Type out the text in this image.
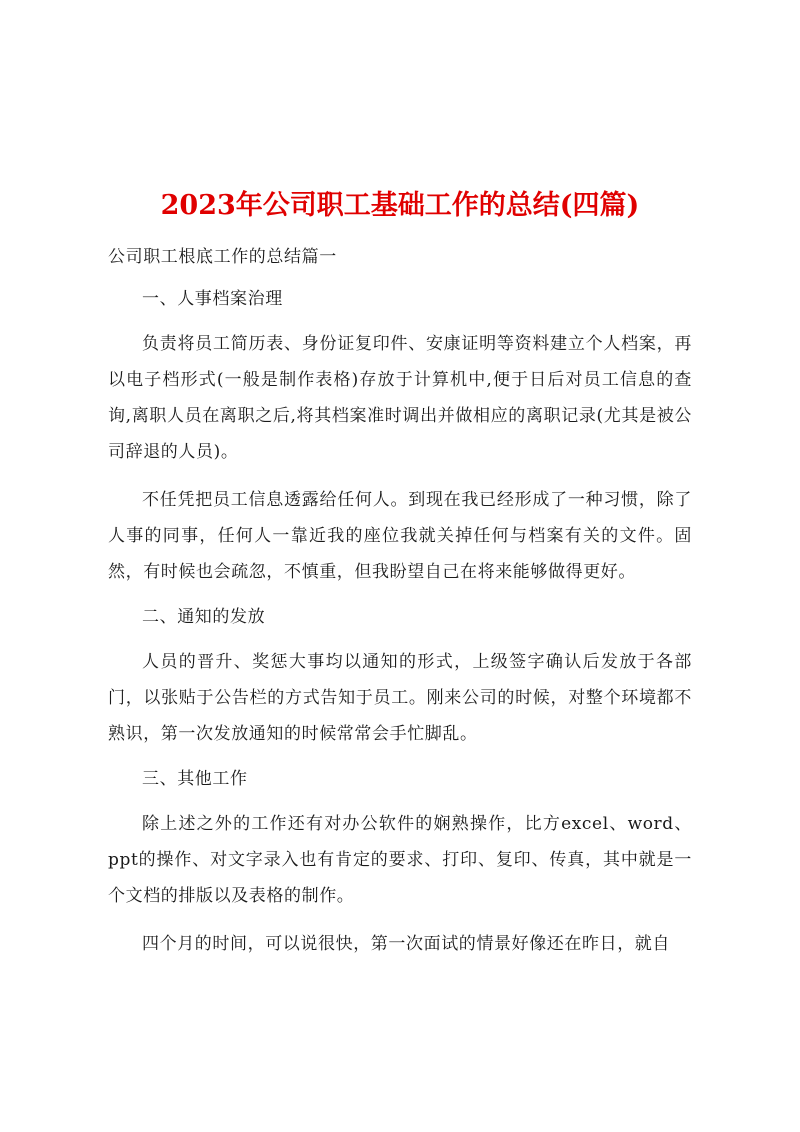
2023年公司职工基础工作的总结(四篇)

公司职工根底工作的总结篇一

一、人事档案治理

负责将员工简历表、身份证复印件、安康证明等资料建立个人档案，再以电子档形式(一般是制作表格)存放于计算机中,便于日后对员工信息的查询,离职人员在离职之后,将其档案准时调出并做相应的离职记录(尤其是被公司辞退的人员)。

不任凭把员工信息透露给任何人。到现在我已经形成了一种习惯，除了人事的同事，任何人一靠近我的座位我就关掉任何与档案有关的文件。固然，有时候也会疏忽，不慎重，但我盼望自己在将来能够做得更好。

二、通知的发放

人员的晋升、奖惩大事均以通知的形式，上级签字确认后发放于各部门，以张贴于公告栏的方式告知于员工。刚来公司的时候，对整个环境都不熟识，第一次发放通知的时候常常会手忙脚乱。

三、其他工作

除上述之外的工作还有对办公软件的娴熟操作，比方excel、word、ppt的操作、对文字录入也有肯定的要求、打印、复印、传真，其中就是一个文档的排版以及表格的制作。

四个月的时间，可以说很快，第一次面试的情景好像还在昨日，就自
